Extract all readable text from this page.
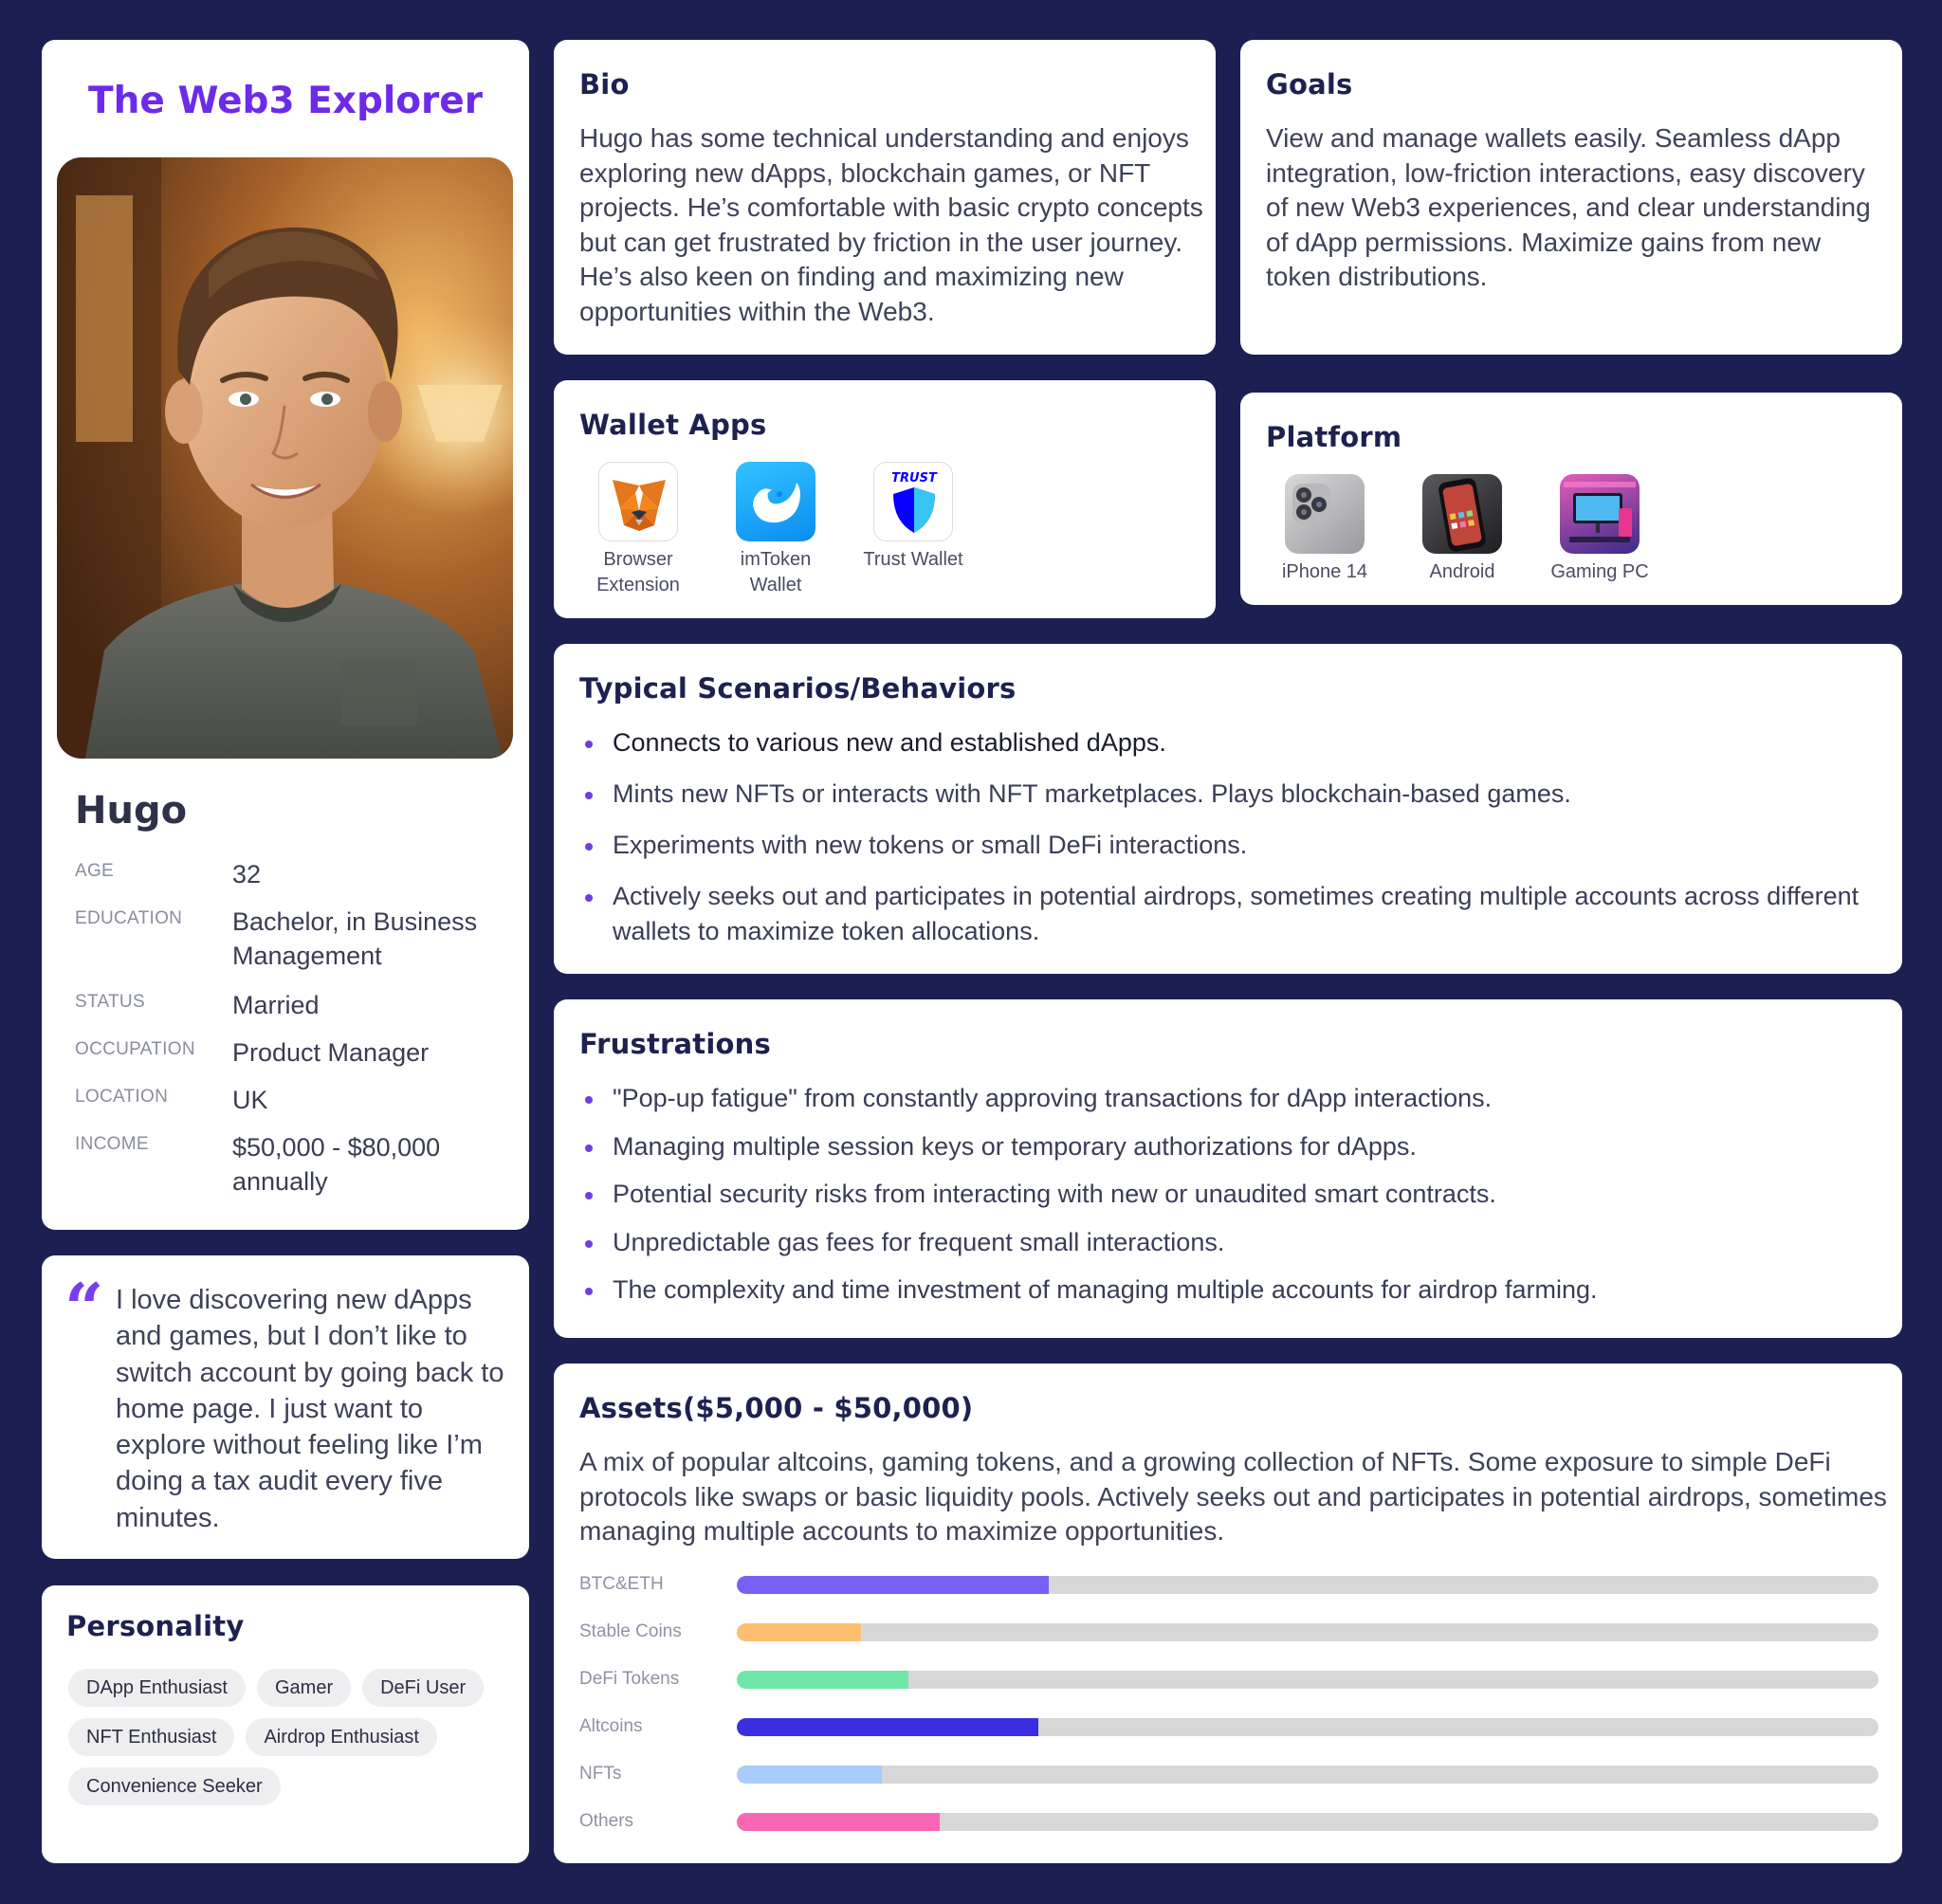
The Web3 Explorer
Hugo
AGE	32
EDUCATION Bachelor, in Business Management
STATUS	Married
OCCUPATION Product Manager
LOCATION	UK
INCOME	$50,000 - $80,000 annually
“ I love discovering new dApps and games, but I don’t like to switch account by going back to home page. I just want to explore without feeling like I’m doing a tax audit every five minutes.
Personality
DApp Enthusiast	Gamer	DeFi User
NFT Enthusiast	Airdrop Enthusiast
Convenience Seeker
Bio
Hugo has some technical understanding and enjoys exploring new dApps, blockchain games, or NFT projects. He’s comfortable with basic crypto concepts but can get frustrated by friction in the user journey. He’s also keen on finding and maximizing new opportunities within the Web3.
Goals
View and manage wallets easily. Seamless dApp integration, low-friction interactions, easy discovery of new Web3 experiences, and clear understanding of dApp permissions. Maximize gains from new token distributions.
Wallet Apps
Browser Extension
imToken Wallet
TRUST
Trust Wallet
Platform
iPhone 14	Android	Gaming PC
Typical Scenarios/Behaviors
Connects to various new and established dApps.
Mints new NFTs or interacts with NFT marketplaces. Plays blockchain-based games.
Experiments with new tokens or small DeFi interactions.
Actively seeks out and participates in potential airdrops, sometimes creating multiple accounts across different wallets to maximize token allocations.
Frustrations
"Pop-up fatigue" from constantly approving transactions for dApp interactions.
Managing multiple session keys or temporary authorizations for dApps.
Potential security risks from interacting with new or unaudited smart contracts.
Unpredictable gas fees for frequent small interactions.
The complexity and time investment of managing multiple accounts for airdrop farming.
Assets($5,000 - $50,000)
A mix of popular altcoins, gaming tokens, and a growing collection of NFTs. Some exposure to simple DeFi protocols like swaps or basic liquidity pools. Actively seeks out and participates in potential airdrops, sometimes managing multiple accounts to maximize opportunities.
BTC&ETH
Stable Coins
DeFi Tokens
Altcoins
NFTs
Others
